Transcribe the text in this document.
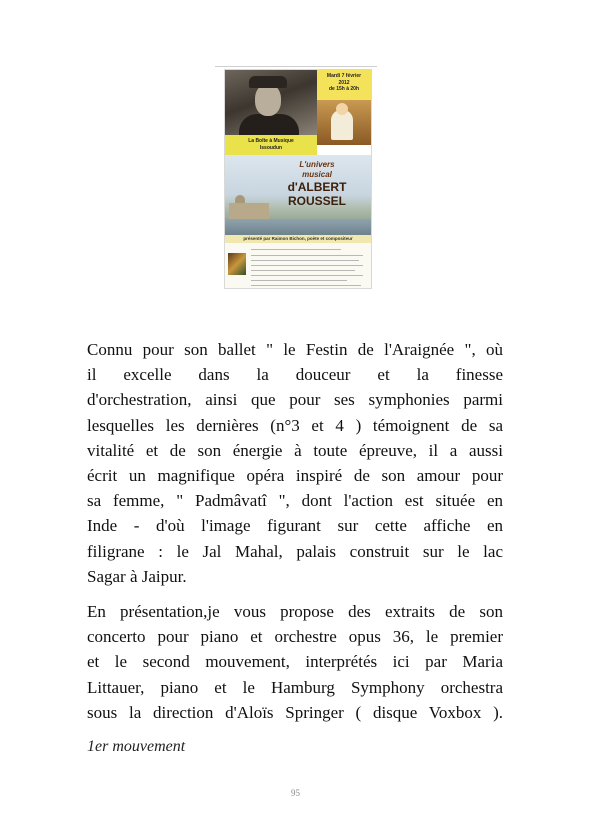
Mardi 7 février
2012
de 15h à 20h
La Boîte à Musique
Issoudun
L'univers
musical
d'ALBERT
ROUSSEL
présenté par Raimon Bichon, poète et compositeur
Connu pour son ballet " le Festin de l'Araignée ", où
il excelle dans la douceur et la finesse
d'orchestration, ainsi que pour ses symphonies parmi
lesquelles les dernières (n°3 et 4 ) témoignent de sa
vitalité et de son énergie à toute épreuve, il a aussi
écrit un magnifique opéra inspiré de son amour pour
sa femme, " Padmâvatî ", dont l'action est située en
Inde - d'où l'image figurant sur cette affiche en
filigrane : le Jal Mahal, palais construit sur le lac
Sagar à Jaipur.
En présentation,je vous propose des extraits de son
concerto pour piano et orchestre opus 36, le premier
et le second mouvement, interprétés ici par Maria
Littauer, piano et le Hamburg Symphony orchestra
sous la direction d'Aloïs Springer ( disque Voxbox ).
1er mouvement
95
